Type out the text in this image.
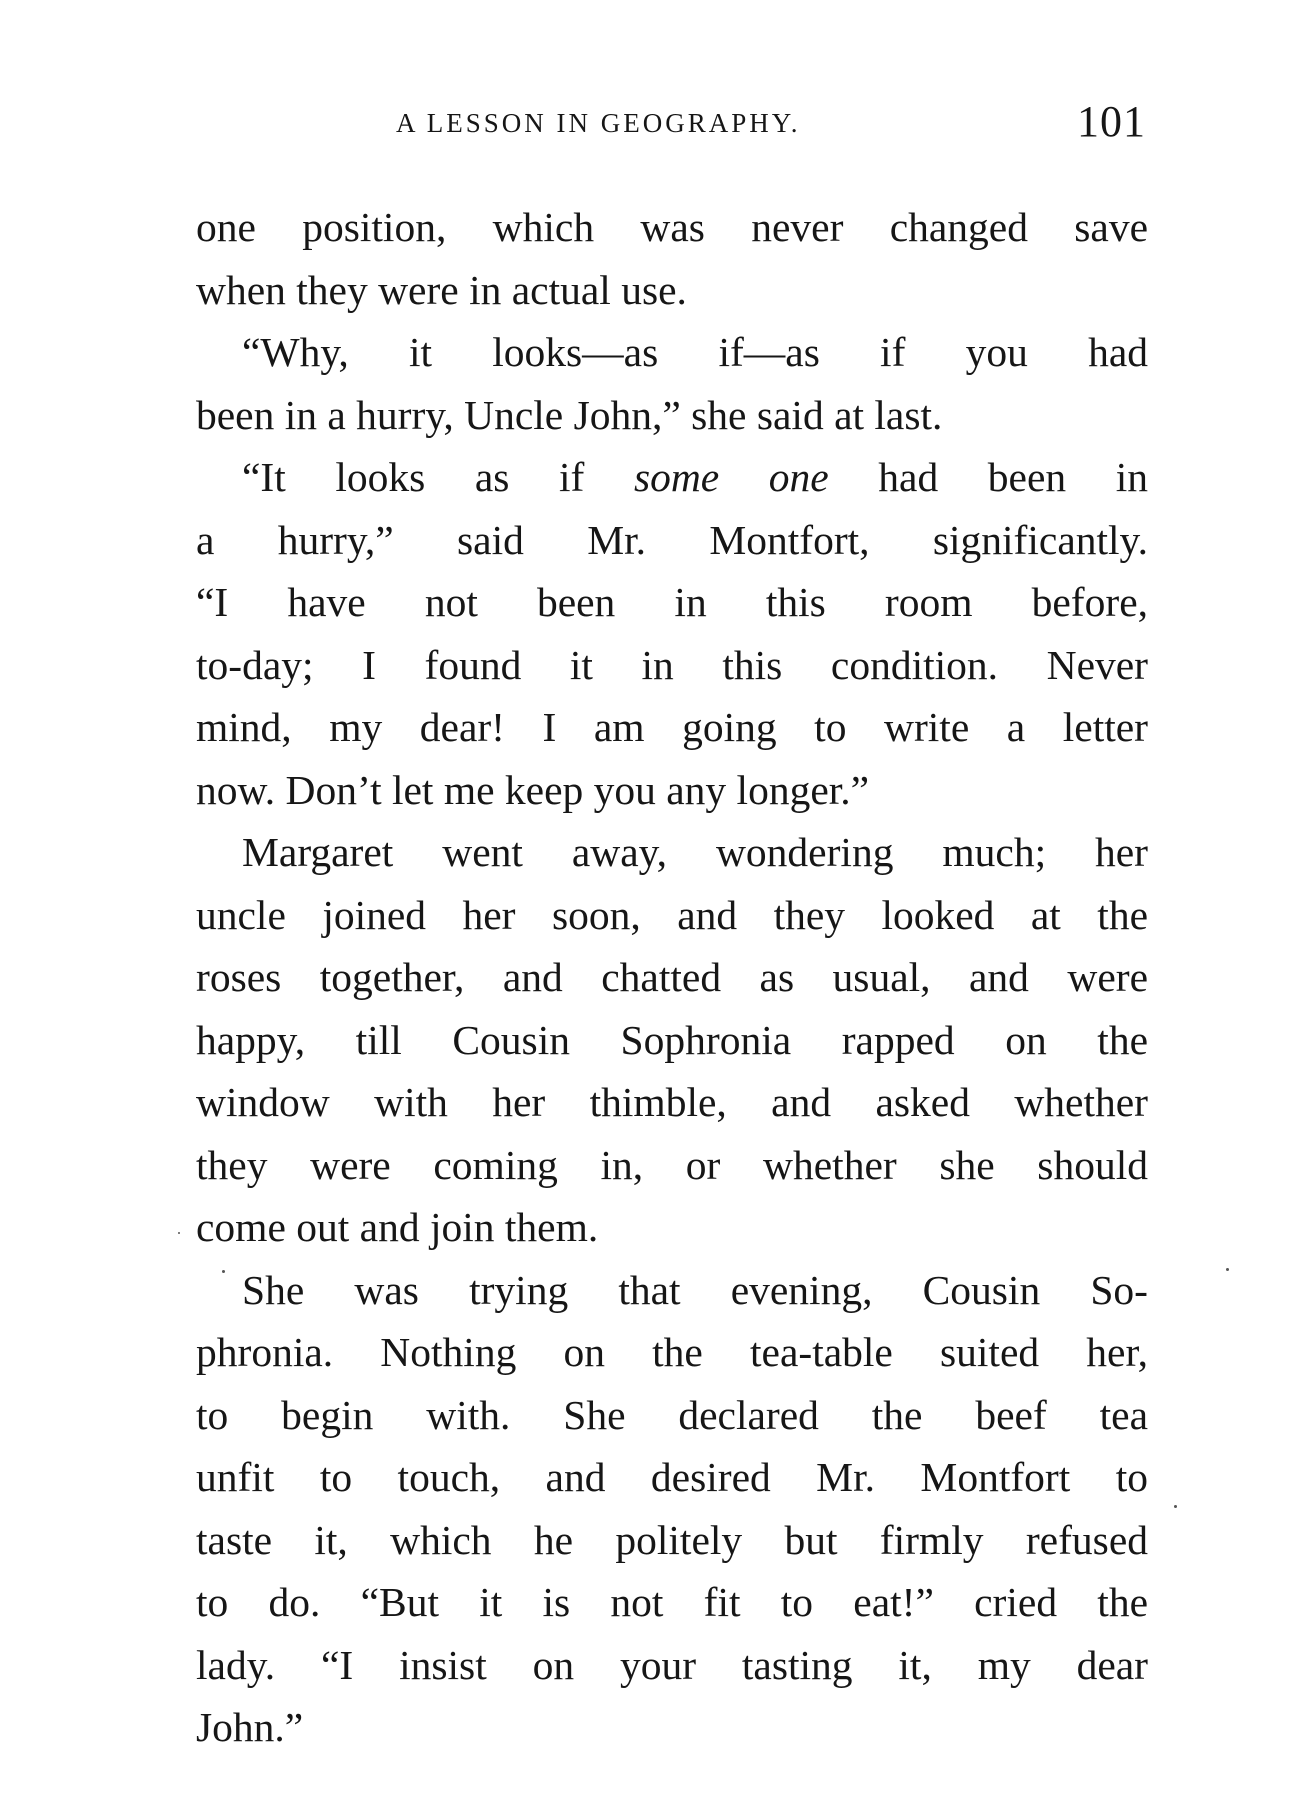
A LESSON IN GEOGRAPHY.	101
one position, which was never changed save
when they were in actual use.
“Why, it looks—as if—as if you had
been in a hurry, Uncle John,” she said at last.
“It looks as if some one had been in
a hurry,” said Mr. Montfort, significantly.
“I have not been in this room before,
to-day; I found it in this condition. Never
mind, my dear! I am going to write a letter
now. Don’t let me keep you any longer.”
Margaret went away, wondering much; her
uncle joined her soon, and they looked at the
roses together, and chatted as usual, and were
happy, till Cousin Sophronia rapped on the
window with her thimble, and asked whether
they were coming in, or whether she should
come out and join them.
She was trying that evening, Cousin So-
phronia. Nothing on the tea-table suited her,
to begin with. She declared the beef tea
unfit to touch, and desired Mr. Montfort to
taste it, which he politely but firmly refused
to do. “But it is not fit to eat!” cried the
lady. “I insist on your tasting it, my dear
John.”
